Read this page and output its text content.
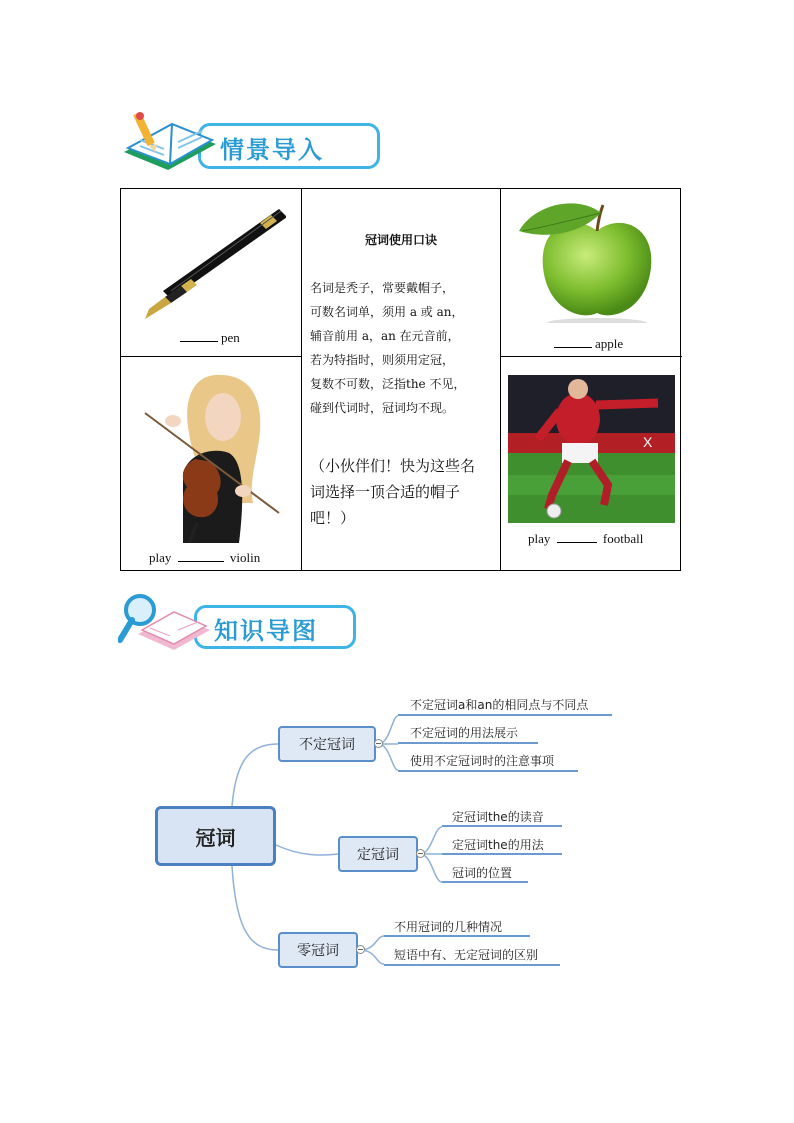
情景导入
pen	apple
play	violin
X
play	football
冠词使用口诀
名词是秃子，常要戴帽子，
可数名词单，须用 a 或 an，
辅音前用 a，an 在元音前，
若为特指时，则须用定冠，
复数不可数，泛指the 不见，
碰到代词时，冠词均不现。
（小伙伴们！快为这些名
词选择一顶合适的帽子
吧！）
知识导图
冠词
不定冠词
定冠词
零冠词
不定冠词a和an的相同点与不同点
不定冠词的用法展示
使用不定冠词时的注意事项
定冠词the的读音
定冠词the的用法
冠词的位置
不用冠词的几种情况
短语中有、无定冠词的区别
